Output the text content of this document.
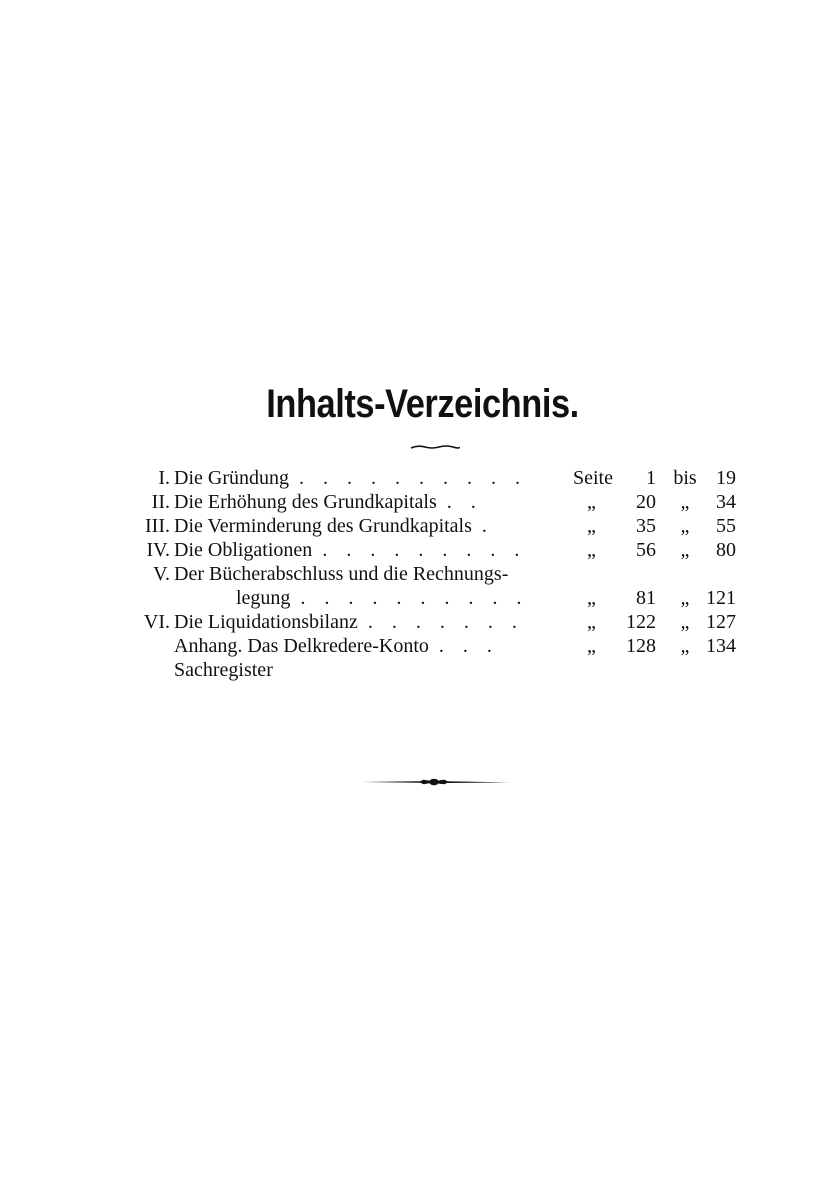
Inhalts-Verzeichnis.
I. Die Gründung . . . . . . . . . . Seite	1 bis 19
II. Die Erhöhung des Grundkapitals . .	„	20	„	34
III. Die Verminderung des Grundkapitals .	„	35	„	55
IV. Die Obligationen . . . . . . . . .	„	56	„	80
V. Der Bücherabschluss und die Rechnungs-
legung . . . . . . . . . .	„	81	„ 121
VI. Die Liquidationsbilanz . . . . . . .	„	122	„ 127
Anhang. Das Delkredere-Konto . . .	„	128	„ 134
Sachregister
